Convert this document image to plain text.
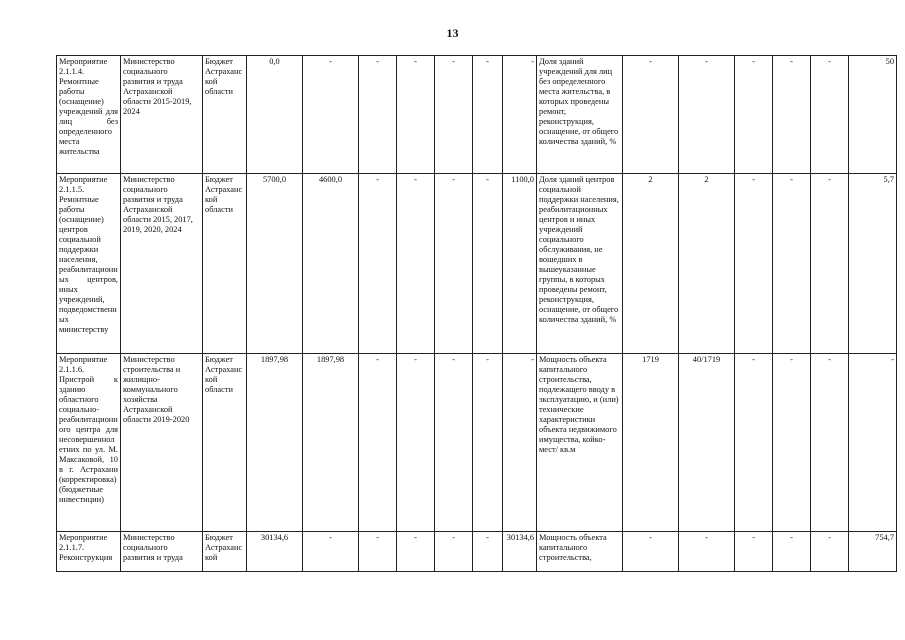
13
Мероприятие 2.1.1.4. Ремонтные работы (оснащение) учреждений для лиц без определенного места жительства	Министерство социального развития и труда Астраханской области 2015-2019, 2024	Бюджет Астраханской области	0,0	-	-	-	-	-	-	Доля зданий учреждений для лиц без определенного места жительства, в которых проведены ремонт, реконструкция, оснащение, от общего количества зданий, %	-	-	-	-	-	50
Мероприятие 2.1.1.5. Ремонтные работы (оснащение) центров социальной поддержки населения, реабилитационных центров, иных учреждений, подведомственных министерству	Министерство социального развития и труда Астраханской области 2015, 2017, 2019, 2020, 2024	Бюджет Астраханской области	5700,0	4600,0	-	-	-	-	1100,0	Доля зданий центров социальной поддержки населения, реабилитационных центров и иных учреждений социального обслуживания, не вошедших в вышеуказанные группы, в которых проведены ремонт, реконструкция, оснащение, от общего количества зданий, %	2	2	-	-	-	5,7
Мероприятие 2.1.1.6. Пристрой к зданию областного социально-реабилитационного центра для несовершеннолетних по ул. М. Максаковой, 10 в г. Астрахани (корректировка) (бюджетные инвестиции)	Министерство строительства и жилищно-коммунального хозяйства Астраханской области 2019-2020	Бюджет Астраханской области	1897,98	1897,98	-	-	-	-	-	Мощность объекта капитального строительства, подлежащего вводу в эксплуатацию, и (или) технические характеристики объекта недвижимого имущества, койко-мест/ кв.м	1719	40/1719	-	-	-	-
Мероприятие 2.1.1.7. Реконструкция	Министерство социального развития и труда	Бюджет Астраханской	30134,6	-	-	-	-	-	30134,6	Мощность объекта капитального строительства,	-	-	-	-	-	754,7
